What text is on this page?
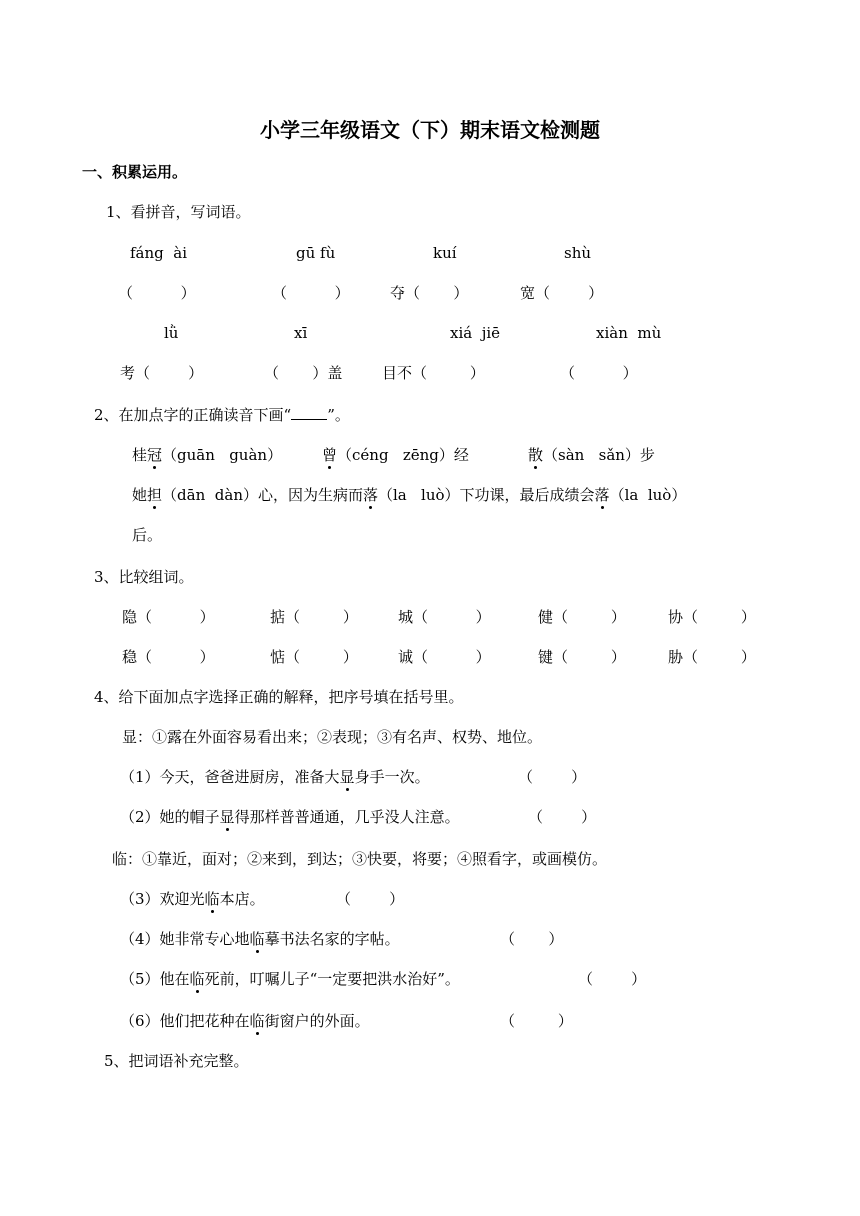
小学三年级语文（下）期末语文检测题
一、积累运用。
1、看拼音，写词语。
fáng  ài	gū fù	kuí	shù
（          ）	（          ）	夺（       ）	宽（        ）
lǜ	xī	xiá  jiē	xiàn  mù
考（        ）	（       ）盖	目不（         ）	（          ）
2、在加点字的正确读音下画“ ”。
桂冠（guān   guàn）	曾（céng   zēng）经	散（sàn   sǎn）步
她担（dān  dàn）心，因为生病而落（la   luò）下功课，最后成绩会落（la  luò）
后。
3、比较组词。
隐（          ）	掂（         ）	城（          ）	健（         ）	协（         ）
稳（          ）	惦（         ）	诚（          ）	键（         ）	胁（         ）
4、给下面加点字选择正确的解释，把序号填在括号里。
显：①露在外面容易看出来；②表现；③有名声、权势、地位。
（1）今天，爸爸进厨房，准备大显身手一次。	（        ）
（2）她的帽子显得那样普普通通，几乎没人注意。	（        ）
临：①靠近，面对；②来到，到达；③快要，将要；④照看字，或画模仿。
（3）欢迎光临本店。	（        ）
（4）她非常专心地临摹书法名家的字帖。	（       ）
（5）他在临死前，叮嘱儿子“一定要把洪水治好”。	（        ）
（6）他们把花种在临街窗户的外面。	（         ）
5、把词语补充完整。
